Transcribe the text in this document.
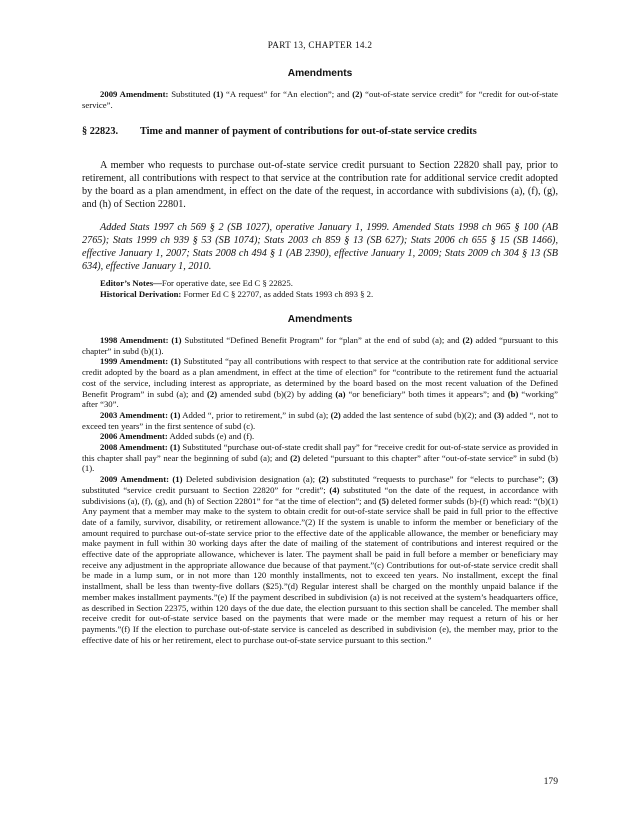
PART 13, CHAPTER 14.2
Amendments

2009 Amendment: Substituted (1) “A request” for “An election”; and (2) “out-of-state service credit” for “credit for out-of-state service”.

§ 22823. Time and manner of payment of contributions for out-of-state service credits

A member who requests to purchase out-of-state service credit pursuant to Section 22820 shall pay, prior to retirement, all contributions with respect to that service at the contribution rate for additional service credit adopted by the board as a plan amendment, in effect on the date of the request, in accordance with subdivisions (a), (f), (g), and (h) of Section 22801.

Added Stats 1997 ch 569 § 2 (SB 1027), operative January 1, 1999. Amended Stats 1998 ch 965 § 100 (AB 2765); Stats 1999 ch 939 § 53 (SB 1074); Stats 2003 ch 859 § 13 (SB 627); Stats 2006 ch 655 § 15 (SB 1466), effective January 1, 2007; Stats 2008 ch 494 § 1 (AB 2390), effective January 1, 2009; Stats 2009 ch 304 § 13 (SB 634), effective January 1, 2010.

Editor’s Notes—For operative date, see Ed C § 22825.

Historical Derivation: Former Ed C § 22707, as added Stats 1993 ch 893 § 2.

Amendments

1998 Amendment: (1) Substituted “Defined Benefit Program” for “plan” at the end of subd (a); and (2) added “pursuant to this chapter” in subd (b)(1).

1999 Amendment: (1) Substituted “pay all contributions with respect to that service at the contribution rate for additional service credit adopted by the board as a plan amendment, in effect at the time of election” for “contribute to the retirement fund the actuarial cost of the service, including interest as appropriate, as determined by the board based on the most recent valuation of the Defined Benefit Program” in subd (a); and (2) amended subd (b)(2) by adding (a) “or beneficiary” both times it appears”; and (b) “working” after “30”.

2003 Amendment: (1) Added “, prior to retirement,” in subd (a); (2) added the last sentence of subd (b)(2); and (3) added “, not to exceed ten years” in the first sentence of subd (c).

2006 Amendment: Added subds (e) and (f).

2008 Amendment: (1) Substituted “purchase out-of-state credit shall pay” for “receive credit for out-of-state service as provided in this chapter shall pay” near the beginning of subd (a); and (2) deleted “pursuant to this chapter” after “out-of-state service” in subd (b)(1).

2009 Amendment: (1) Deleted subdivision designation (a); (2) substituted “requests to purchase” for “elects to purchase”; (3) substituted “service credit pursuant to Section 22820” for “credit”; (4) substituted “on the date of the request, in accordance with subdivisions (a), (f), (g), and (h) of Section 22801” for “at the time of election”; and (5) deleted former subds (b)-(f) which read: “(b)(1) Any payment that a member may make to the system to obtain credit for out-of-state service shall be paid in full prior to the effective date of a family, survivor, disability, or retirement allowance.”(2) If the system is unable to inform the member or beneficiary of the amount required to purchase out-of-state service prior to the effective date of the applicable allowance, the member or beneficiary may make payment in full within 30 working days after the date of mailing of the statement of contributions and interest required or the effective date of the appropriate allowance, whichever is later. The payment shall be paid in full before a member or beneficiary may receive any adjustment in the appropriate allowance due because of that payment.”(c) Contributions for out-of-state service credit shall be made in a lump sum, or in not more than 120 monthly installments, not to exceed ten years. No installment, except the final installment, shall be less than twenty-five dollars ($25).”(d) Regular interest shall be charged on the monthly unpaid balance if the member makes installment payments.”(e) If the payment described in subdivision (a) is not received at the system’s headquarters office, as described in Section 22375, within 120 days of the due date, the election pursuant to this section shall be canceled. The member shall receive credit for out-of-state service based on the payments that were made or the member may request a return of his or her payments.”(f) If the election to purchase out-of-state service is canceled as described in subdivision (e), the member may, prior to the effective date of his or her retirement, elect to purchase out-of-state service pursuant to this section.”

179
